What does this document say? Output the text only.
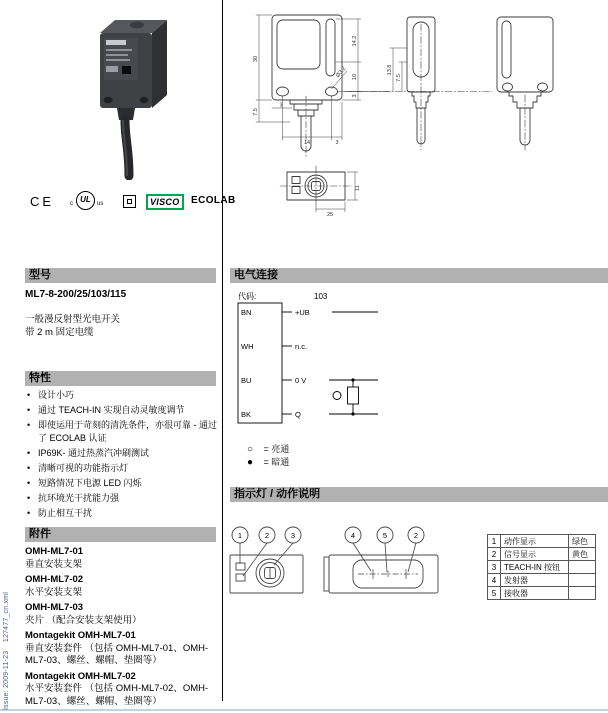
Issue: 2009-11-23    127477_cn.xml
CE	c UL	us	VISCO	ECOLAB
30
7.5
3
14.2
10
3
Ø3.2
14	3
13.8
7.5
11
25
型号
ML7-8-200/25/103/115
一般漫反射型光电开关
带 2 m 固定电缆
特性
• 设计小巧
• 通过 TEACH-IN 实现自动灵敏度调节
• 即使运用于苛刻的清洗条件，亦很可靠 - 通过了 ECOLAB 认证
• IP69K- 通过热蒸汽冲刷测试
• 清晰可视的功能指示灯
• 短路情况下电源 LED 闪烁
• 抗环境光干扰能力强
• 防止相互干扰
附件
OMH-ML7-01
垂直安装支架
OMH-ML7-02
水平安装支架
OMH-ML7-03
夹片 （配合安装支架使用）
Montagekit OMH-ML7-01
垂直安装套件 （包括 OMH-ML7-01、OMH-ML7-03、螺丝、螺帽、垫圈等）
Montagekit OMH-ML7-02
水平安装套件 （包括 OMH-ML7-02、OMH-ML7-03、螺丝、螺帽、垫圈等）
电气连接
代码:	103
BN	+UB
WH	n.c.
BU	0 V
BK	Q
○ = 亮通
● = 暗通
指示灯 / 动作说明
1	2	3	4	5	2
1	动作显示	绿色
2	信号显示	黄色
3	TEACH-IN 按钮	
4	发射器	
5	接收器	
